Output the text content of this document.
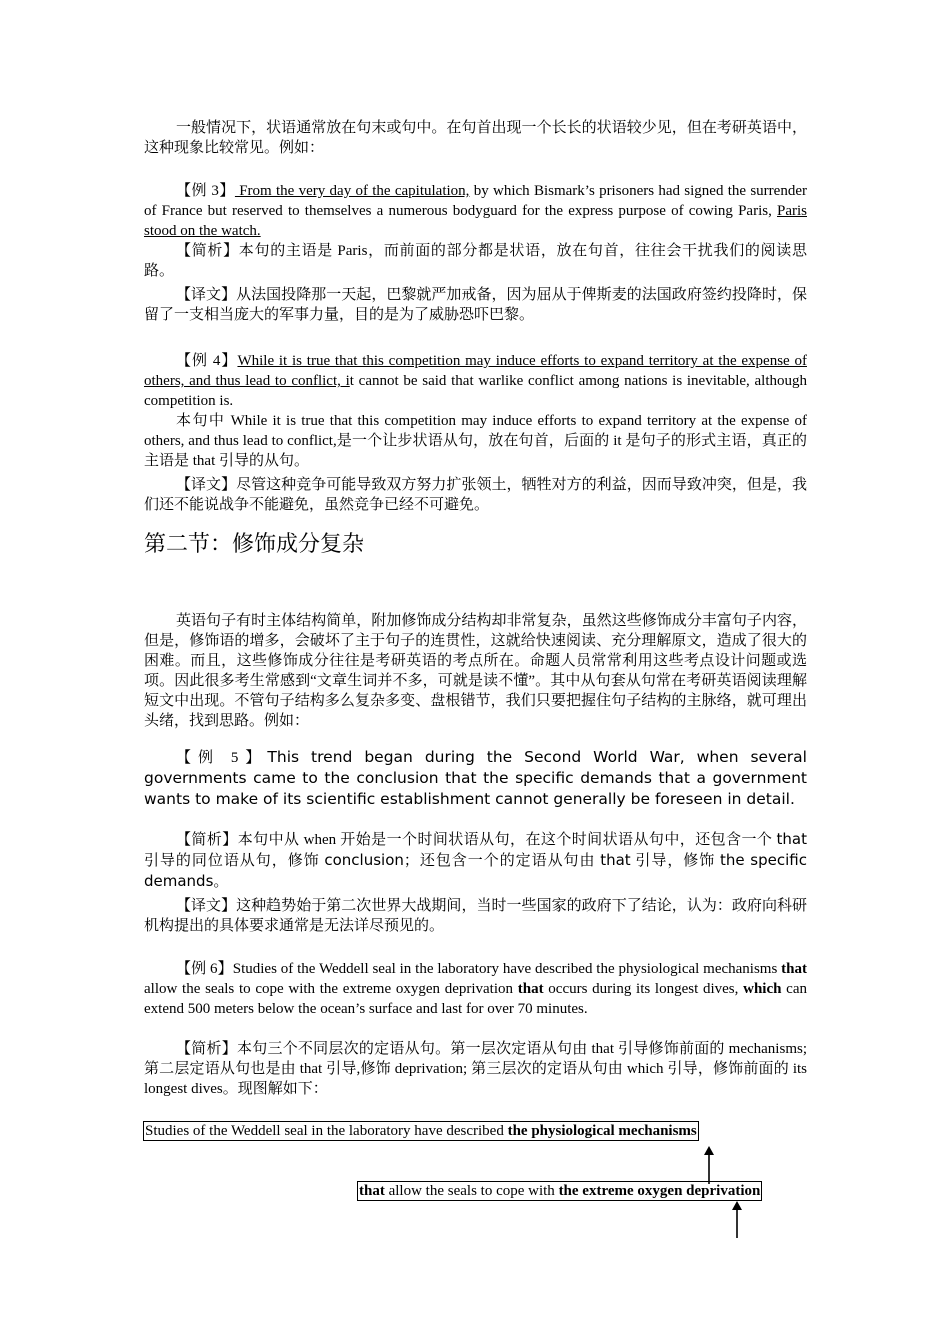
一般情况下，状语通常放在句末或句中。在句首出现一个长长的状语较少见，但在考研英语中，这种现象比较常见。例如：

【例 3】 From the very day of the capitulation, by which Bismark’s prisoners had signed the surrender of France but reserved to themselves a numerous bodyguard for the express purpose of cowing Paris, Paris stood on the watch.

【简析】本句的主语是 Paris，而前面的部分都是状语，放在句首，往往会干扰我们的阅读思路。

【译文】从法国投降那一天起，巴黎就严加戒备，因为屈从于俾斯麦的法国政府签约投降时，保留了一支相当庞大的军事力量，目的是为了威胁恐吓巴黎。

【例 4】While it is true that this competition may induce efforts to expand territory at the expense of others, and thus lead to conflict, it cannot be said that warlike conflict among nations is inevitable, although competition is.

本句中 While it is true that this competition may induce efforts to expand territory at the expense of others, and thus lead to conflict,是一个让步状语从句，放在句首，后面的 it 是句子的形式主语，真正的主语是 that 引导的从句。

【译文】尽管这种竞争可能导致双方努力扩张领土，牺牲对方的利益，因而导致冲突，但是，我们还不能说战争不能避免，虽然竞争已经不可避免。

第二节：修饰成分复杂

英语句子有时主体结构简单，附加修饰成分结构却非常复杂，虽然这些修饰成分丰富句子内容，但是，修饰语的增多，会破坏了主于句子的连贯性，这就给快速阅读、充分理解原文，造成了很大的困难。而且，这些修饰成分往往是考研英语的考点所在。命题人员常常利用这些考点设计问题或选项。因此很多考生常感到“文章生词并不多，可就是读不懂”。其中从句套从句常在考研英语阅读理解短文中出现。不管句子结构多么复杂多变、盘根错节，我们只要把握住句子结构的主脉络，就可理出头绪，找到思路。例如：

【例 5】This trend began during the Second World War, when several governments came to the conclusion that the specific demands that a government wants to make of its scientific establishment cannot generally be foreseen in detail.

【简析】本句中从 when 开始是一个时间状语从句，在这个时间状语从句中，还包含一个 that 引导的同位语从句，修饰 conclusion；还包含一个的定语从句由 that 引导，修饰 the specific demands。

【译文】这种趋势始于第二次世界大战期间，当时一些国家的政府下了结论，认为：政府向科研机构提出的具体要求通常是无法详尽预见的。

【例 6】Studies of the Weddell seal in the laboratory have described the physiological mechanisms that allow the seals to cope with the extreme oxygen deprivation that occurs during its longest dives, which can extend 500 meters below the ocean’s surface and last for over 70 minutes.

【简析】本句三个不同层次的定语从句。第一层次定语从句由 that 引导修饰前面的 mechanisms;第二层定语从句也是由 that 引导,修饰 deprivation; 第三层次的定语从句由 which 引导，修饰前面的 its longest dives。现图解如下：

Studies of the Weddell seal in the laboratory have described the physiological mechanisms
that allow the seals to cope with the extreme oxygen deprivation
